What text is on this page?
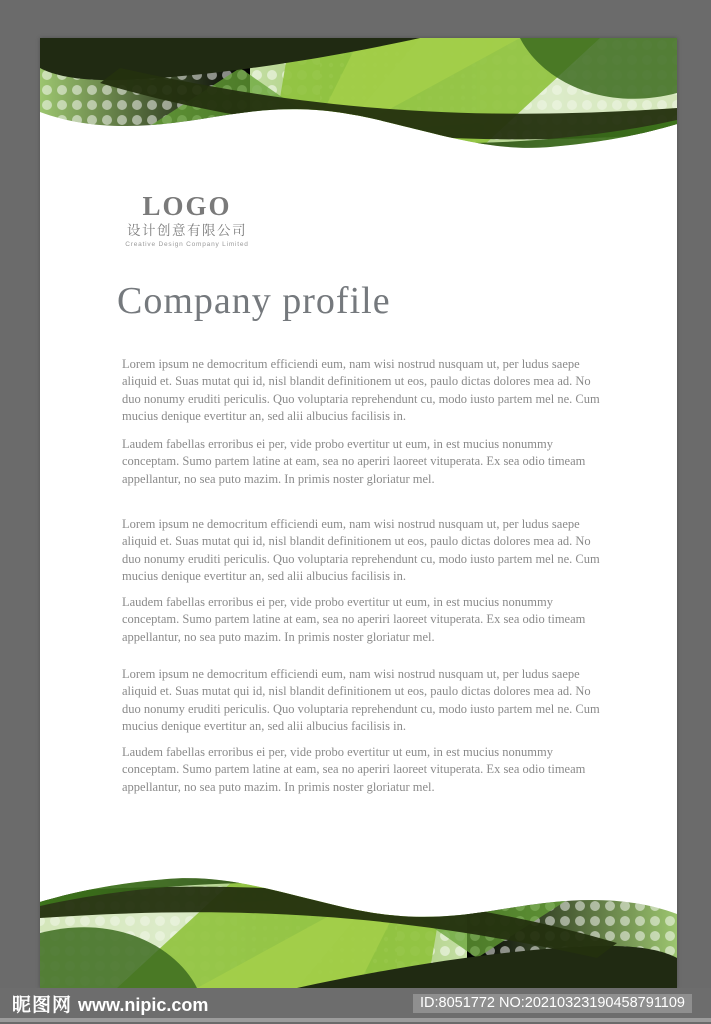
LOGO
设计创意有限公司
Creative Design Company Limited
Company profile

Lorem ipsum ne democritum efficiendi eum, nam wisi nostrud nusquam ut, per ludus saepe aliquid et. Suas mutat qui id, nisl blandit definitionem ut eos, paulo dictas dolores mea ad. No duo nonumy eruditi periculis. Quo voluptaria reprehendunt cu, modo iusto partem mel ne. Cum mucius denique evertitur an, sed alii albucius facilisis in.

Laudem fabellas erroribus ei per, vide probo evertitur ut eum, in est mucius nonummy conceptam. Sumo partem latine at eam, sea no aperiri laoreet vituperata. Ex sea odio timeam appellantur, no sea puto mazim. In primis noster gloriatur mel.

Lorem ipsum ne democritum efficiendi eum, nam wisi nostrud nusquam ut, per ludus saepe aliquid et. Suas mutat qui id, nisl blandit definitionem ut eos, paulo dictas dolores mea ad. No duo nonumy eruditi periculis. Quo voluptaria reprehendunt cu, modo iusto partem mel ne. Cum mucius denique evertitur an, sed alii albucius facilisis in.

Laudem fabellas erroribus ei per, vide probo evertitur ut eum, in est mucius nonummy conceptam. Sumo partem latine at eam, sea no aperiri laoreet vituperata. Ex sea odio timeam appellantur, no sea puto mazim. In primis noster gloriatur mel.

Lorem ipsum ne democritum efficiendi eum, nam wisi nostrud nusquam ut, per ludus saepe aliquid et. Suas mutat qui id, nisl blandit definitionem ut eos, paulo dictas dolores mea ad. No duo nonumy eruditi periculis. Quo voluptaria reprehendunt cu, modo iusto partem mel ne. Cum mucius denique evertitur an, sed alii albucius facilisis in.

Laudem fabellas erroribus ei per, vide probo evertitur ut eum, in est mucius nonummy conceptam. Sumo partem latine at eam, sea no aperiri laoreet vituperata. Ex sea odio timeam appellantur, no sea puto mazim. In primis noster gloriatur mel.

昵图网 www.nipic.com	ID:8051772 NO:20210323190458791109
